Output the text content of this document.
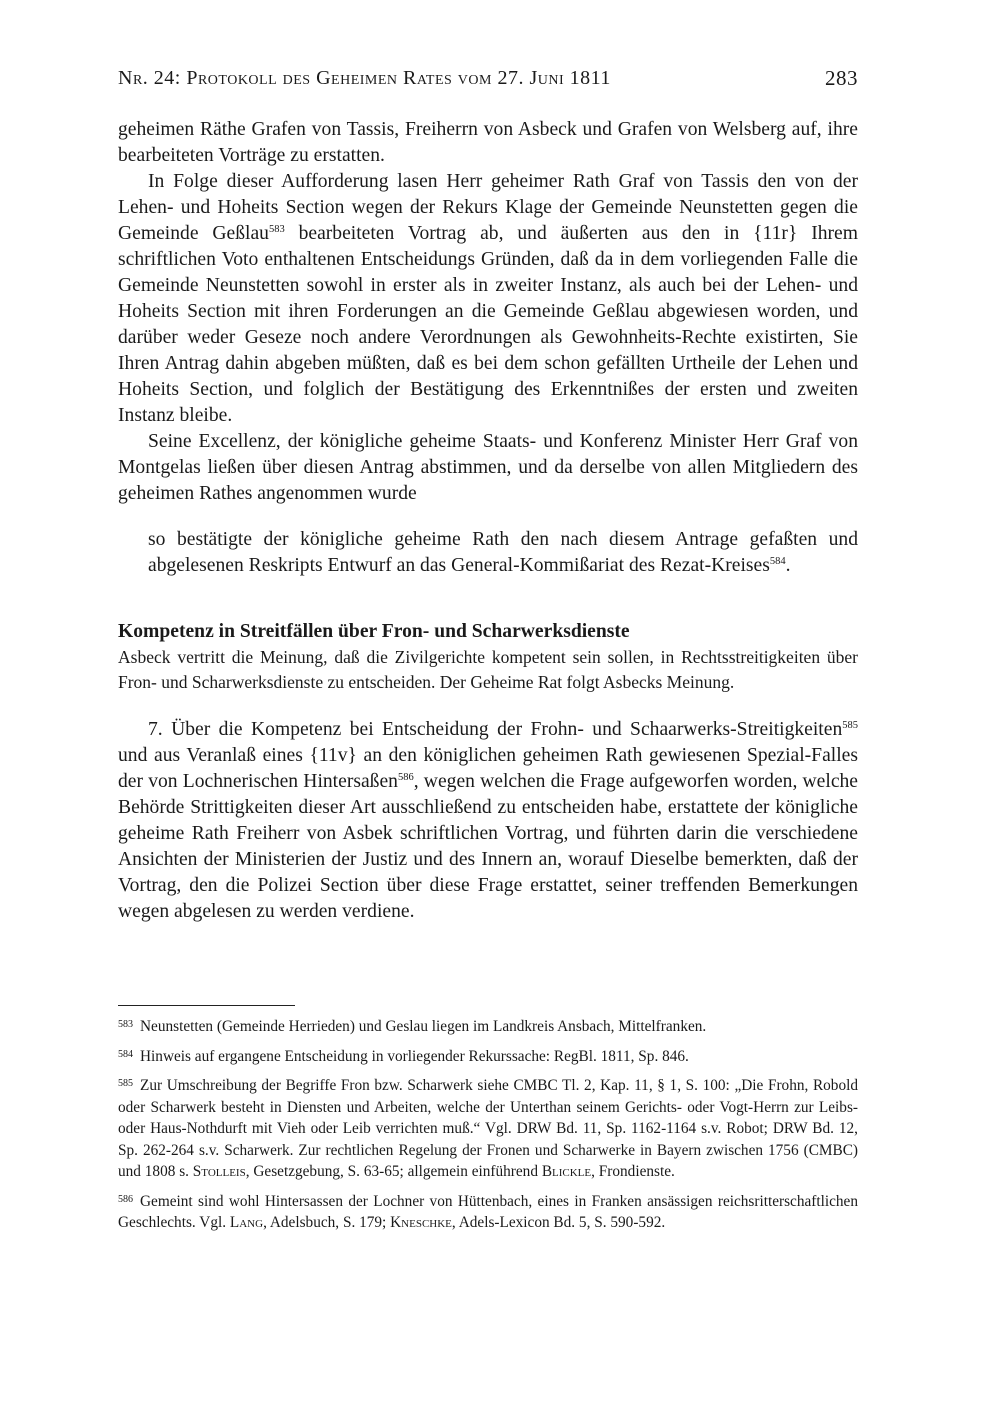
Nr. 24: Protokoll des Geheimen Rates vom 27. Juni 1811	283

geheimen Räthe Grafen von Tassis, Freiherrn von Asbeck und Grafen von Welsberg auf, ihre bearbeiteten Vorträge zu erstatten.

In Folge dieser Aufforderung lasen Herr geheimer Rath Graf von Tassis den von der Lehen- und Hoheits Section wegen der Rekurs Klage der Gemeinde Neunstetten gegen die Gemeinde Geßlau$^{583}$ bearbeiteten Vortrag ab, und äußerten aus den in {11r} Ihrem schriftlichen Voto enthaltenen Entscheidungs Gründen, daß da in dem vorliegenden Falle die Gemeinde Neunstetten sowohl in erster als in zweiter Instanz, als auch bei der Lehen- und Hoheits Section mit ihren Forderungen an die Gemeinde Geßlau abgewiesen worden, und darüber weder Geseze noch andere Verordnungen als Gewohnheits-Rechte existirten, Sie Ihren Antrag dahin abgeben müßten, daß es bei dem schon gefällten Urtheile der Lehen und Hoheits Section, und folglich der Bestätigung des Erkenntnißes der ersten und zweiten Instanz bleibe.

Seine Excellenz, der königliche geheime Staats- und Konferenz Minister Herr Graf von Montgelas ließen über diesen Antrag abstimmen, und da derselbe von allen Mitgliedern des geheimen Rathes angenommen wurde

so bestätigte der königliche geheime Rath den nach diesem Antrage gefaßten und abgelesenen Reskripts Entwurf an das General-Kommißariat des Rezat-Kreises$^{584}$.

Kompetenz in Streitfällen über Fron- und Scharwerksdienste

Asbeck vertritt die Meinung, daß die Zivilgerichte kompetent sein sollen, in Rechtsstreitigkeiten über Fron- und Scharwerksdienste zu entscheiden. Der Geheime Rat folgt Asbecks Meinung.

7. Über die Kompetenz bei Entscheidung der Frohn- und Schaarwerks-Streitigkeiten$^{585}$ und aus Veranlaß eines {11v} an den königlichen geheimen Rath gewiesenen Spezial-Falles der von Lochnerischen Hintersaßen$^{586}$, wegen welchen die Frage aufgeworfen worden, welche Behörde Strittigkeiten dieser Art ausschließend zu entscheiden habe, erstattete der königliche geheime Rath Freiherr von Asbek schriftlichen Vortrag, und führten darin die verschiedene Ansichten der Ministerien der Justiz und des Innern an, worauf Dieselbe bemerkten, daß der Vortrag, den die Polizei Section über diese Frage erstattet, seiner treffenden Bemerkungen wegen abgelesen zu werden verdiene.

583 Neunstetten (Gemeinde Herrieden) und Geslau liegen im Landkreis Ansbach, Mittelfranken.

584 Hinweis auf ergangene Entscheidung in vorliegender Rekurssache: RegBl. 1811, Sp. 846.

585 Zur Umschreibung der Begriffe Fron bzw. Scharwerk siehe CMBC Tl. 2, Kap. 11, § 1, S. 100: „Die Frohn, Robold oder Scharwerk besteht in Diensten und Arbeiten, welche der Unterthan seinem Gerichts- oder Vogt-Herrn zur Leibs- oder Haus-Nothdurft mit Vieh oder Leib verrichten muß.“ Vgl. DRW Bd. 11, Sp. 1162-1164 s.v. Robot; DRW Bd. 12, Sp. 262-264 s.v. Scharwerk. Zur rechtlichen Regelung der Fronen und Scharwerke in Bayern zwischen 1756 (CMBC) und 1808 s. Stolleis, Gesetzgebung, S. 63-65; allgemein einführend Blickle, Frondienste.

586 Gemeint sind wohl Hintersassen der Lochner von Hüttenbach, eines in Franken ansässigen reichsritterschaftlichen Geschlechts. Vgl. Lang, Adelsbuch, S. 179; Kneschke, Adels-Lexicon Bd. 5, S. 590-592.
